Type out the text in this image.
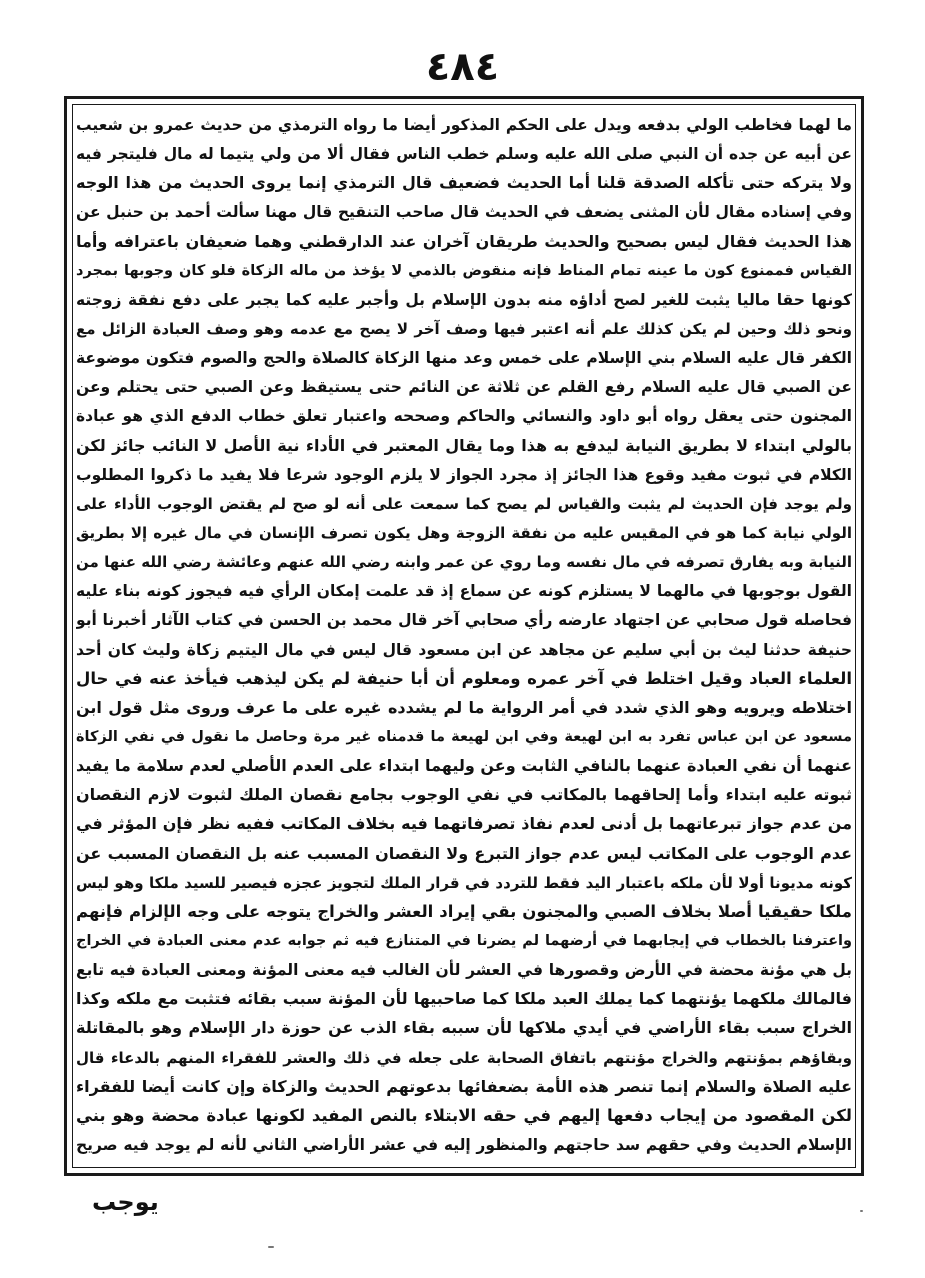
٤٨٤
ما لهما فخاطب الولي بدفعه ويدل على الحكم المذكور أيضا ما رواه الترمذي من حديث عمرو بن شعيب
عن أبيه عن جده أن النبي صلى الله عليه وسلم خطب الناس فقال ألا من ولي يتيما له مال فليتجر فيه
ولا يتركه حتى تأكله الصدقة قلنا أما الحديث فضعيف قال الترمذي إنما يروى الحديث من هذا الوجه
وفي إسناده مقال لأن المثنى يضعف في الحديث قال صاحب التنقيح قال مهنا سألت أحمد بن حنبل عن
هذا الحديث فقال ليس بصحيح والحديث طريقان آخران عند الدارقطني وهما ضعيفان باعترافه وأما
القياس فممنوع كون ما عينه تمام المناط فإنه منقوض بالذمي لا يؤخذ من ماله الزكاة فلو كان وجوبها بمجرد
كونها حقا ماليا يثبت للغير لصح أداؤه منه بدون الإسلام بل وأجبر عليه كما يجبر على دفع نفقة زوجته
ونحو ذلك وحين لم يكن كذلك علم أنه اعتبر فيها وصف آخر لا يصح مع عدمه وهو وصف العبادة الزائل مع
الكفر قال عليه السلام بني الإسلام على خمس وعد منها الزكاة كالصلاة والحج والصوم فتكون موضوعة
عن الصبي قال عليه السلام رفع القلم عن ثلاثة عن النائم حتى يستيقظ وعن الصبي حتى يحتلم وعن
المجنون حتى يعقل رواه أبو داود والنسائي والحاكم وصححه واعتبار تعلق خطاب الدفع الذي هو عبادة
بالولي ابتداء لا بطريق النيابة ليدفع به هذا وما يقال المعتبر في الأداء نية الأصل لا النائب جائز لكن
الكلام في ثبوت مفيد وقوع هذا الجائز إذ مجرد الجواز لا يلزم الوجود شرعا فلا يفيد ما ذكروا المطلوب
ولم يوجد فإن الحديث لم يثبت والقياس لم يصح كما سمعت على أنه لو صح لم يقتض الوجوب الأداء على
الولي نيابة كما هو في المقيس عليه من نفقة الزوجة وهل يكون تصرف الإنسان في مال غيره إلا بطريق
النيابة وبه يفارق تصرفه في مال نفسه وما روي عن عمر وابنه رضي الله عنهم وعائشة رضي الله عنها من
القول بوجوبها في مالهما لا يستلزم كونه عن سماع إذ قد علمت إمكان الرأي فيه فيجوز كونه بناء عليه
فحاصله قول صحابي عن اجتهاد عارضه رأي صحابي آخر قال محمد بن الحسن في كتاب الآثار أخبرنا أبو
حنيفة حدثنا ليث بن أبي سليم عن مجاهد عن ابن مسعود قال ليس في مال اليتيم زكاة وليث كان أحد
العلماء العباد وقيل اختلط في آخر عمره ومعلوم أن أبا حنيفة لم يكن ليذهب فيأخذ عنه في حال
اختلاطه ويرويه وهو الذي شدد في أمر الرواية ما لم يشدده غيره على ما عرف وروى مثل قول ابن
مسعود عن ابن عباس تفرد به ابن لهيعة وفي ابن لهيعة ما قدمناه غير مرة وحاصل ما نقول في نفي الزكاة
عنهما أن نفي العبادة عنهما بالنافي الثابت وعن وليهما ابتداء على العدم الأصلي لعدم سلامة ما يفيد
ثبوته عليه ابتداء وأما إلحاقهما بالمكاتب في نفي الوجوب بجامع نقصان الملك لثبوت لازم النقصان
من عدم جواز تبرعاتهما بل أدنى لعدم نفاذ تصرفاتهما فيه بخلاف المكاتب ففيه نظر فإن المؤثر في
عدم الوجوب على المكاتب ليس عدم جواز التبرع ولا النقصان المسبب عنه بل النقصان المسبب عن
كونه مديونا أولا لأن ملكه باعتبار اليد فقط للتردد في قرار الملك لتجويز عجزه فيصير للسيد ملكا وهو ليس
ملكا حقيقيا أصلا بخلاف الصبي والمجنون بقي إيراد العشر والخراج يتوجه على وجه الإلزام فإنهم
واعترفنا بالخطاب في إيجابهما في أرضهما لم يضرنا في المتنازع فيه ثم جوابه عدم معنى العبادة في الخراج
بل هي مؤنة محضة في الأرض وقصورها في العشر لأن الغالب فيه معنى المؤنة ومعنى العبادة فيه تابع
فالمالك ملكهما يؤنتهما كما يملك العبد ملكا كما صاحبيها لأن المؤنة سبب بقائه فتثبت مع ملكه وكذا
الخراج سبب بقاء الأراضي في أيدي ملاكها لأن سببه بقاء الذب عن حوزة دار الإسلام وهو بالمقاتلة
وبقاؤهم بمؤنتهم والخراج مؤنتهم باتفاق الصحابة على جعله في ذلك والعشر للفقراء المنهم بالدعاء قال
عليه الصلاة والسلام إنما تنصر هذه الأمة بضعفائها بدعوتهم الحديث والزكاة وإن كانت أيضا للفقراء
لكن المقصود من إيجاب دفعها إليهم في حقه الابتلاء بالنص المفيد لكونها عبادة محضة وهو بني
الإسلام الحديث وفي حقهم سد حاجتهم والمنظور إليه في عشر الأراضي الثاني لأنه لم يوجد فيه صريح
يوجب
